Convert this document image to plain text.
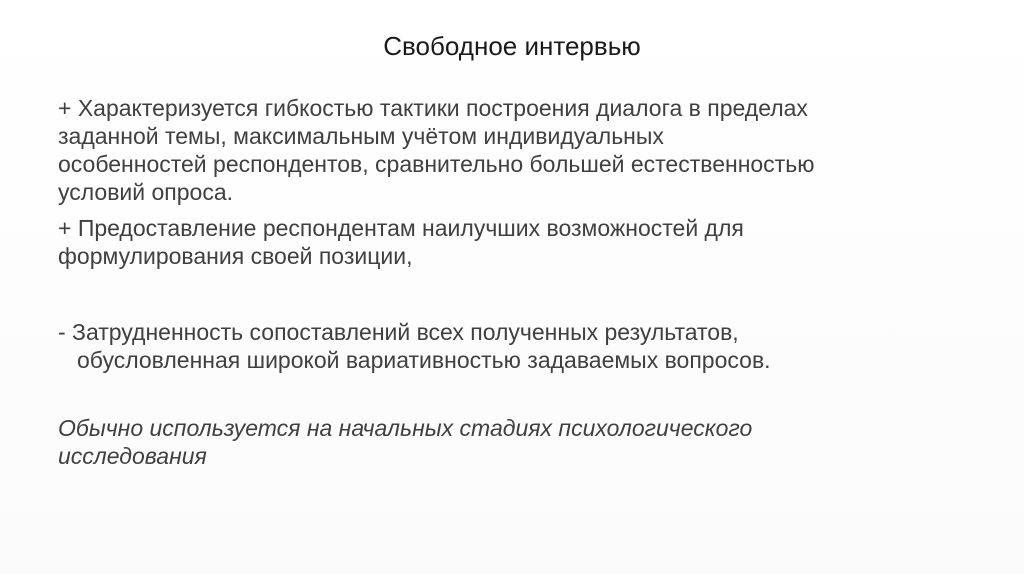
Свободное интервью
+ Характеризуется гибкостью тактики построения диалога в пределах
заданной темы, максимальным учётом индивидуальных
особенностей респондентов, сравнительно большей естественностью
условий опроса.
+ Предоставление респондентам наилучших возможностей для
формулирования своей позиции,
- Затрудненность сопоставлений всех полученных результатов,
обусловленная широкой вариативностью задаваемых вопросов.
Обычно используется на начальных стадиях психологического
исследования
